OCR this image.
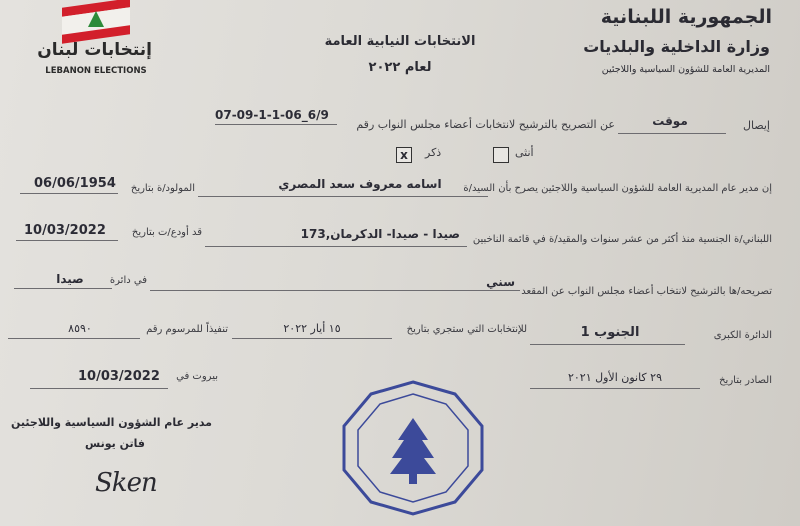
الجمهورية اللبنانية
وزارة الداخلية والبلديات
المديرية العامة للشؤون السياسية واللاجئين
الانتخابات النيابية العامة
لعام ٢٠٢٢
إنتخابات لبنان
LEBANON ELECTIONS
إيصال
موقت
عن التصريح بالترشيح لانتخابات أعضاء مجلس النواب رقم
07-09-1-1-06_6/9
أنثى
ذكر
x
إن مدير عام المديرية العامة للشؤون السياسية واللاجئين يصرح بأن السيد/ة
اسامه معروف سعد المصري
المولود/ة بتاريخ
06/06/1954
اللبناني/ة الجنسية منذ أكثر من عشر سنوات والمقيد/ة في قائمة الناخبين
صيدا - صيدا- الدكرمان,173
قد أودع/ت بتاريخ
10/03/2022
تصريحه/ها بالترشيح لانتخاب أعضاء مجلس النواب عن المقعد
سني
في دائرة
صيدا
الدائرة الكبرى
الجنوب 1
للإنتخابات التي ستجري بتاريخ
١٥ أيار ٢٠٢٢
تنفيذاً للمرسوم رقم
٨٥٩٠
الصادر بتاريخ
٢٩ كانون الأول ٢٠٢١
بيروت في
10/03/2022
مدير عام الشؤون السياسية واللاجئين
فاتن يونس
Sken
